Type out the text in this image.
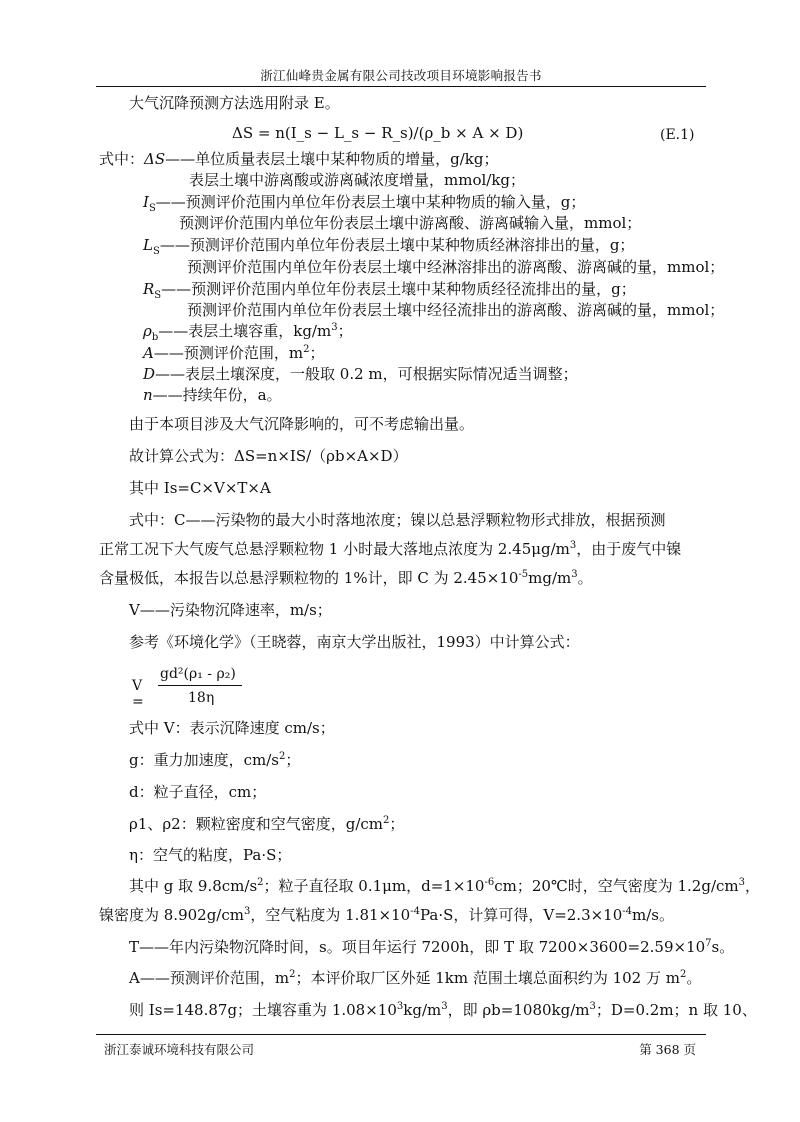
浙江仙峰贵金属有限公司技改项目环境影响报告书
大气沉降预测方法选用附录 E。
ΔS = n(I_s − L_s − R_s)/(ρ_b × A × D)	(E.1)
式中：ΔS——单位质量表层土壤中某种物质的增量，g/kg；
表层土壤中游离酸或游离碱浓度增量，mmol/kg；
$I_S——$预测评价范围内单位年份表层土壤中某种物质的输入量，g；
预测评价范围内单位年份表层土壤中游离酸、游离碱输入量，mmol；
$L_S——$预测评价范围内单位年份表层土壤中某种物质经淋溶排出的量，g；
预测评价范围内单位年份表层土壤中经淋溶排出的游离酸、游离碱的量，mmol；
$R_S——$预测评价范围内单位年份表层土壤中某种物质经径流排出的量，g；
预测评价范围内单位年份表层土壤中经径流排出的游离酸、游离碱的量，mmol；
$\rho_b——$表层土壤容重，$kg/m^3$；
A——预测评价范围，$m^2$；
D——表层土壤深度，一般取 0.2 m，可根据实际情况适当调整；
n——持续年份，a。
由于本项目涉及大气沉降影响的，可不考虑输出量。
故计算公式为：ΔS=n×IS/（ρb×A×D）
其中 Is=C×V×T×A
式中：C——污染物的最大小时落地浓度；镍以总悬浮颗粒物形式排放，根据预测
正常工况下大气废气总悬浮颗粒物 1 小时最大落地点浓度为 $2.45\mu g/m^3$，由于废气中镍
含量极低，本报告以总悬浮颗粒物的 1%计，即 C 为 $2.45\times 10^{-5}mg/m^3$。
V——污染物沉降速率，m/s；
参考《环境化学》（王晓蓉，南京大学出版社，1993）中计算公式：
V =
gd²(ρ₁ - ρ₂)
18η
式中 V：表示沉降速度 cm/s；
g：重力加速度，$cm/s^2$；
d：粒子直径，cm；
ρ1、ρ2：颗粒密度和空气密度，$g/cm^2$；
η：空气的粘度，Pa·S；
其中 g 取 $9.8cm/s^2$；粒子直径取 0.1μm，$d=1\times 10^{-6}cm$；20℃时，空气密度为 $1.2g/cm^3$，
镍密度为 $8.902g/cm^3$，空气粘度为 $1.81\times 10^{-4}Pa\cdot S$，计算可得，$V=2.3\times 10^{-4}m/s$。
T——年内污染物沉降时间，s。项目年运行 7200h，即 T 取 $7200\times 3600=2.59\times 10^7s$。
A——预测评价范围，$m^2$；本评价取厂区外延 1km 范围土壤总面积约为 102 万 $m^2$。
则 Is=148.87g；土壤容重为 $1.08\times 10^3kg/m^3$，即 $\rho b=1080kg/m^3$；D=0.2m；n 取 10、
浙江泰诚环境科技有限公司	第 368 页
